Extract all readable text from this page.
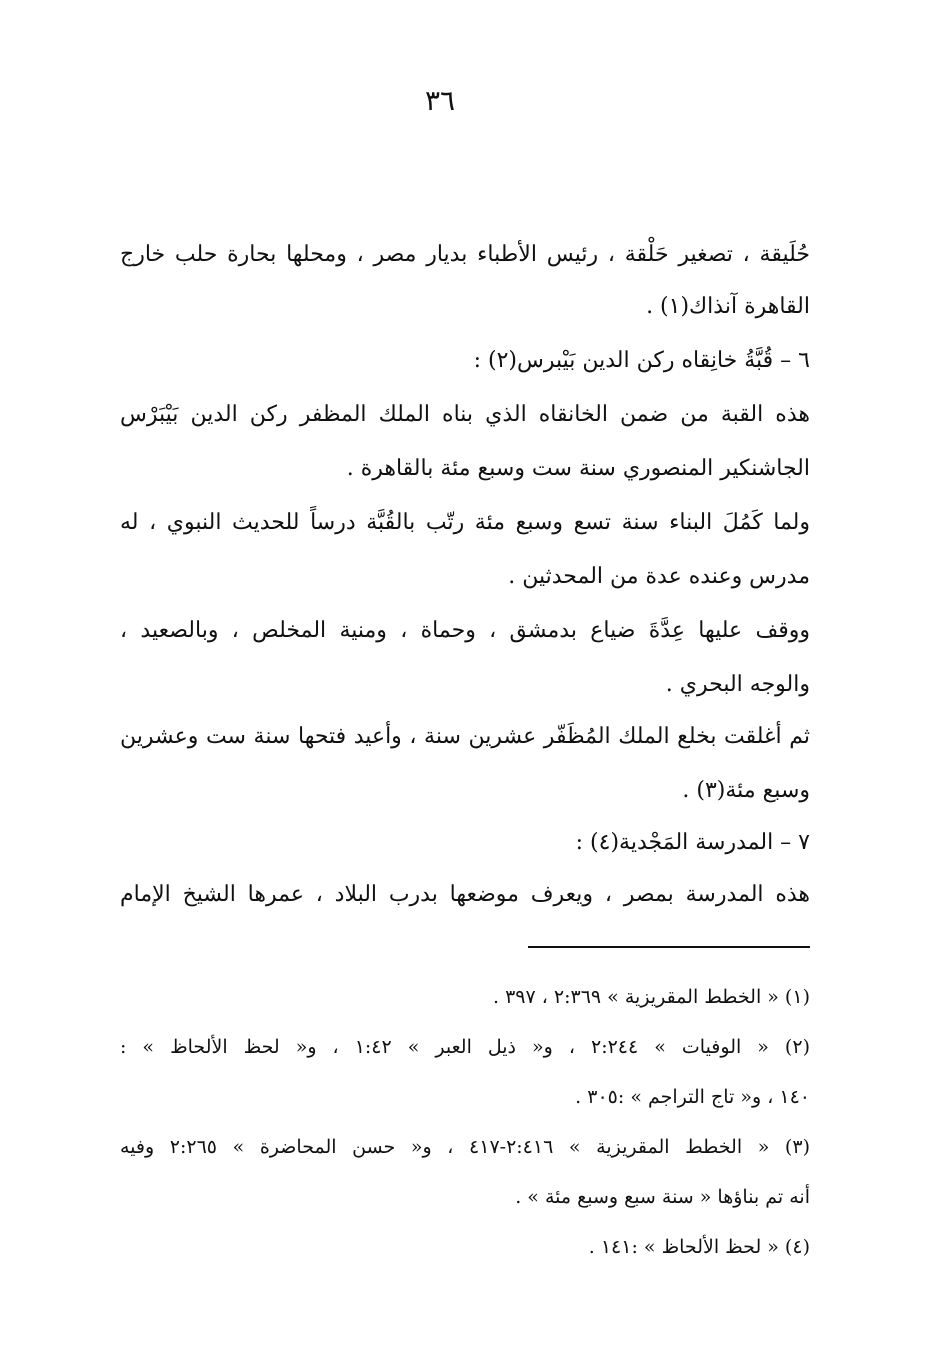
٣٦
حُلَيقة ، تصغير حَلْقة ، رئيس الأطباء بديار مصر ، ومحلها بحارة حلب خارج
القاهرة آنذاك(١) .
٦ – قُبَّةُ خانِقاه ركن الدين بَيْبرس(٢) :
هذه القبة من ضمن الخانقاه الذي بناه الملك المظفر ركن الدين بَيْبَرْس
الجاشنكير المنصوري سنة ست وسبع مئة بالقاهرة .
ولما كَمُلَ البناء سنة تسع وسبع مئة رتّب بالقُبَّة درساً للحديث النبوي ، له
مدرس وعنده عدة من المحدثين .
ووقف عليها عِدَّةَ ضياع بدمشق ، وحماة ، ومنية المخلص ، وبالصعيد ،
والوجه البحري .
ثم أغلقت بخلع الملك المُظَفّر عشرين سنة ، وأعيد فتحها سنة ست وعشرين
وسبع مئة(٣) .
٧ – المدرسة المَجْدية(٤) :
هذه المدرسة بمصر ، ويعرف موضعها بدرب البلاد ، عمرها الشيخ الإمام
(١) « الخطط المقريزية » ٢:٣٦٩ ، ٣٩٧ .
(٢) « الوفيات » ٢:٢٤٤ ، و« ذيل العبر » ١:٤٢ ، و« لحظ الألحاظ » :
١٤٠ ، و« تاج التراجم » :٣٠٥ .
(٣) « الخطط المقريزية » ٢:٤١٦-٤١٧ ، و« حسن المحاضرة » ٢:٢٦٥ وفيه
أنه تم بناؤها « سنة سبع وسبع مئة » .
(٤) « لحظ الألحاظ » :١٤١ .
